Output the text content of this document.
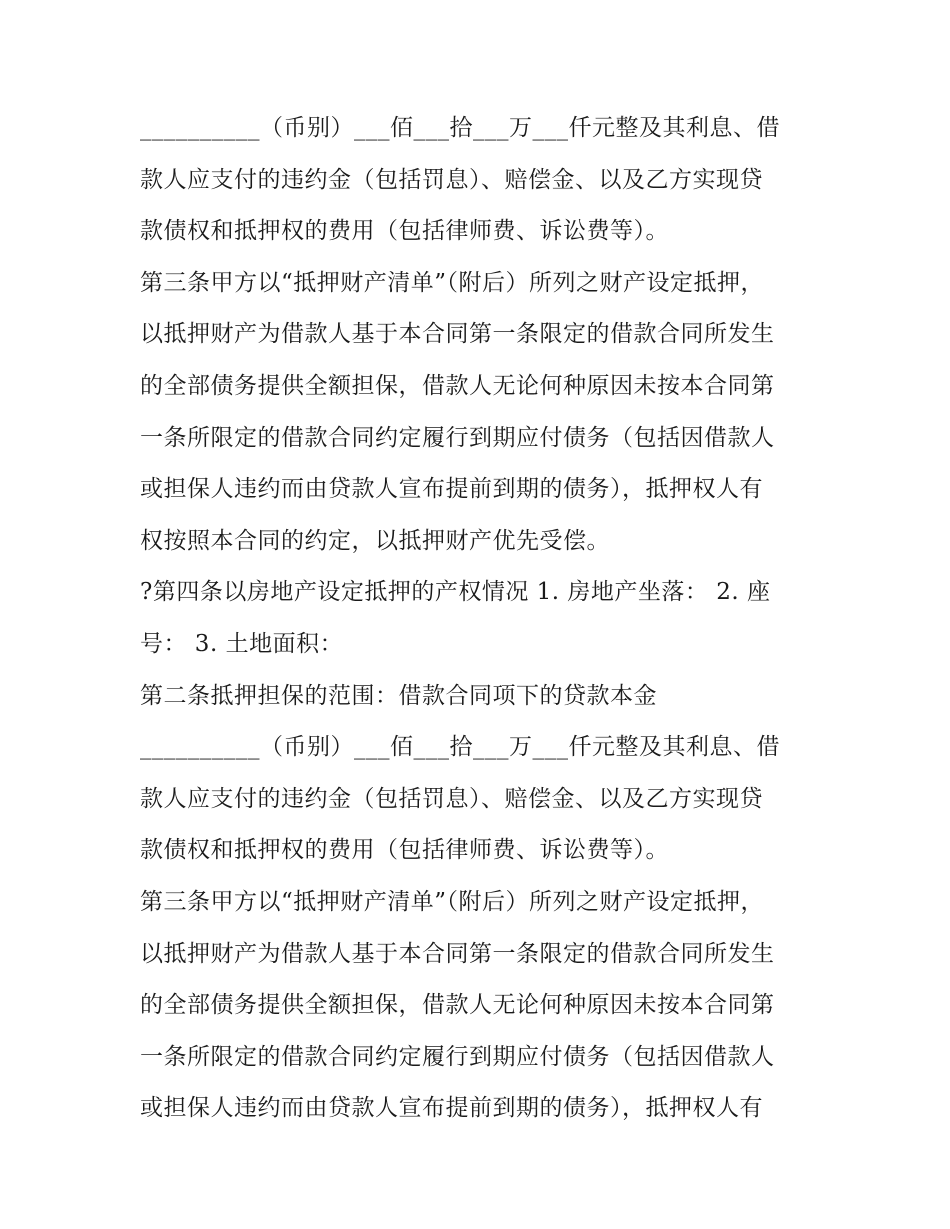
__________（币别）___佰___拾___万___仟元整及其利息、借
款人应支付的违约金（包括罚息）、赔偿金、以及乙方实现贷
款债权和抵押权的费用（包括律师费、诉讼费等）。
第三条甲方以“抵押财产清单”（附后）所列之财产设定抵押，
以抵押财产为借款人基于本合同第一条限定的借款合同所发生
的全部债务提供全额担保，借款人无论何种原因未按本合同第
一条所限定的借款合同约定履行到期应付债务（包括因借款人
或担保人违约而由贷款人宣布提前到期的债务），抵押权人有
权按照本合同的约定，以抵押财产优先受偿。
?第四条以房地产设定抵押的产权情况 1. 房地产坐落： 2. 座
号： 3. 土地面积：
第二条抵押担保的范围：借款合同项下的贷款本金
__________（币别）___佰___拾___万___仟元整及其利息、借
款人应支付的违约金（包括罚息）、赔偿金、以及乙方实现贷
款债权和抵押权的费用（包括律师费、诉讼费等）。
第三条甲方以“抵押财产清单”（附后）所列之财产设定抵押，
以抵押财产为借款人基于本合同第一条限定的借款合同所发生
的全部债务提供全额担保，借款人无论何种原因未按本合同第
一条所限定的借款合同约定履行到期应付债务（包括因借款人
或担保人违约而由贷款人宣布提前到期的债务），抵押权人有
